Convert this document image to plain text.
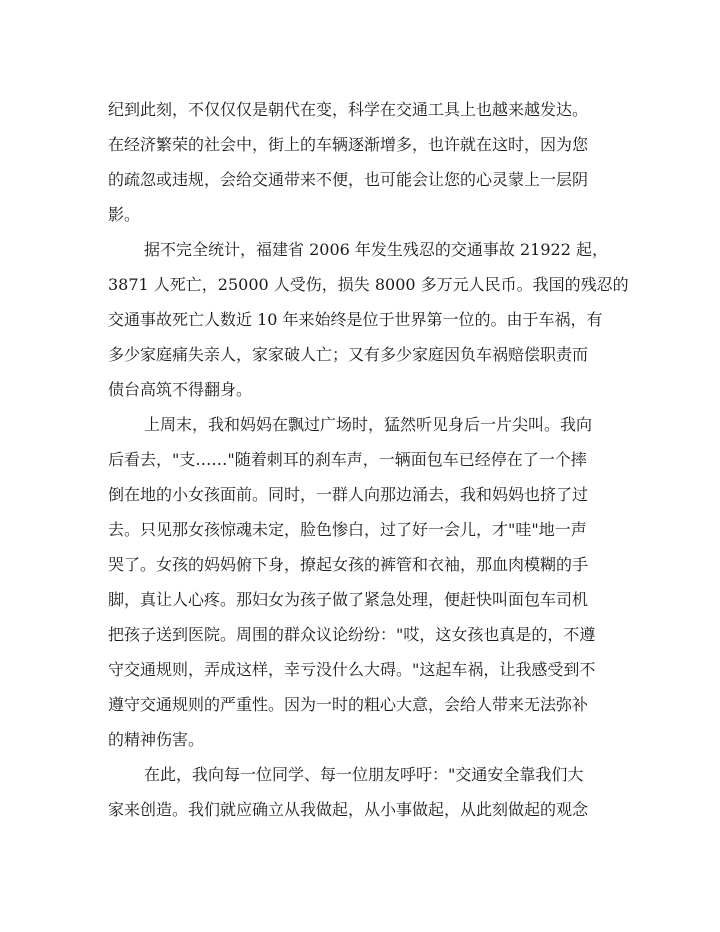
纪到此刻，不仅仅仅是朝代在变，科学在交通工具上也越来越发达。
在经济繁荣的社会中，街上的车辆逐渐增多，也许就在这时，因为您
的疏忽或违规，会给交通带来不便，也可能会让您的心灵蒙上一层阴
影。
据不完全统计，福建省 2006 年发生残忍的交通事故 21922 起，
3871 人死亡，25000 人受伤，损失 8000 多万元人民币。我国的残忍的
交通事故死亡人数近 10 年来始终是位于世界第一位的。由于车祸，有
多少家庭痛失亲人，家家破人亡；又有多少家庭因负车祸赔偿职责而
债台高筑不得翻身。
上周末，我和妈妈在飘过广场时，猛然听见身后一片尖叫。我向
后看去，"支……"随着刺耳的刹车声，一辆面包车已经停在了一个摔
倒在地的小女孩面前。同时，一群人向那边涌去，我和妈妈也挤了过
去。只见那女孩惊魂未定，脸色惨白，过了好一会儿，才"哇"地一声
哭了。女孩的妈妈俯下身，撩起女孩的裤管和衣袖，那血肉模糊的手
脚，真让人心疼。那妇女为孩子做了紧急处理，便赶快叫面包车司机
把孩子送到医院。周围的群众议论纷纷："哎，这女孩也真是的，不遵
守交通规则，弄成这样，幸亏没什么大碍。"这起车祸，让我感受到不
遵守交通规则的严重性。因为一时的粗心大意，会给人带来无法弥补
的精神伤害。
在此，我向每一位同学、每一位朋友呼吁："交通安全靠我们大
家来创造。我们就应确立从我做起，从小事做起，从此刻做起的观念
